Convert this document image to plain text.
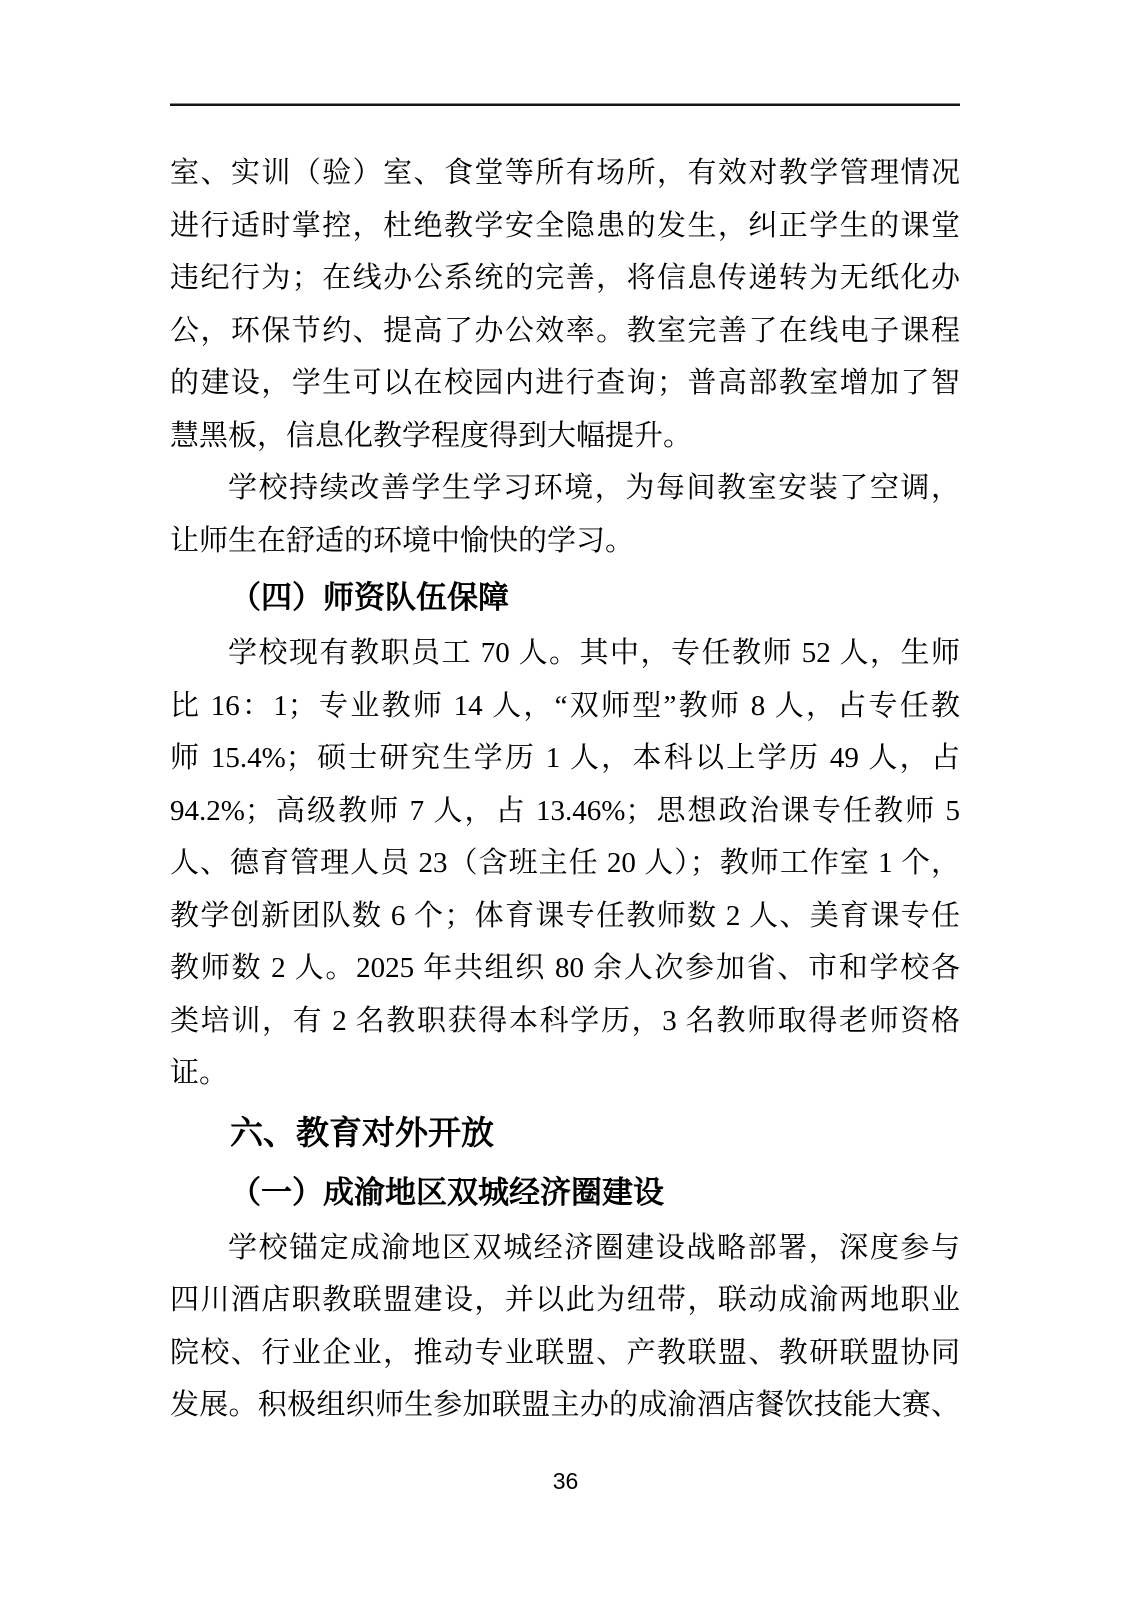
室、实训（验）室、食堂等所有场所，有效对教学管理情况
进行适时掌控，杜绝教学安全隐患的发生，纠正学生的课堂
违纪行为；在线办公系统的完善，将信息传递转为无纸化办
公，环保节约、提高了办公效率。教室完善了在线电子课程
的建设，学生可以在校园内进行查询；普高部教室增加了智
慧黑板，信息化教学程度得到大幅提升。
学校持续改善学生学习环境，为每间教室安装了空调，
让师生在舒适的环境中愉快的学习。
（四）师资队伍保障
学校现有教职员工 70 人。其中，专任教师 52 人，生师
比 16：1；专业教师 14 人，“双师型”教师 8 人，占专任教
师 15.4%；硕士研究生学历 1 人，本科以上学历 49 人，占
94.2%；高级教师 7 人，占 13.46%；思想政治课专任教师 5
人、德育管理人员 23（含班主任 20 人）；教师工作室 1 个，
教学创新团队数 6 个；体育课专任教师数 2 人、美育课专任
教师数 2 人。2025 年共组织 80 余人次参加省、市和学校各
类培训，有 2 名教职获得本科学历，3 名教师取得老师资格
证。
六、教育对外开放
（一）成渝地区双城经济圈建设
学校锚定成渝地区双城经济圈建设战略部署，深度参与
四川酒店职教联盟建设，并以此为纽带，联动成渝两地职业
院校、行业企业，推动专业联盟、产教联盟、教研联盟协同
发展。积极组织师生参加联盟主办的成渝酒店餐饮技能大赛、
36
